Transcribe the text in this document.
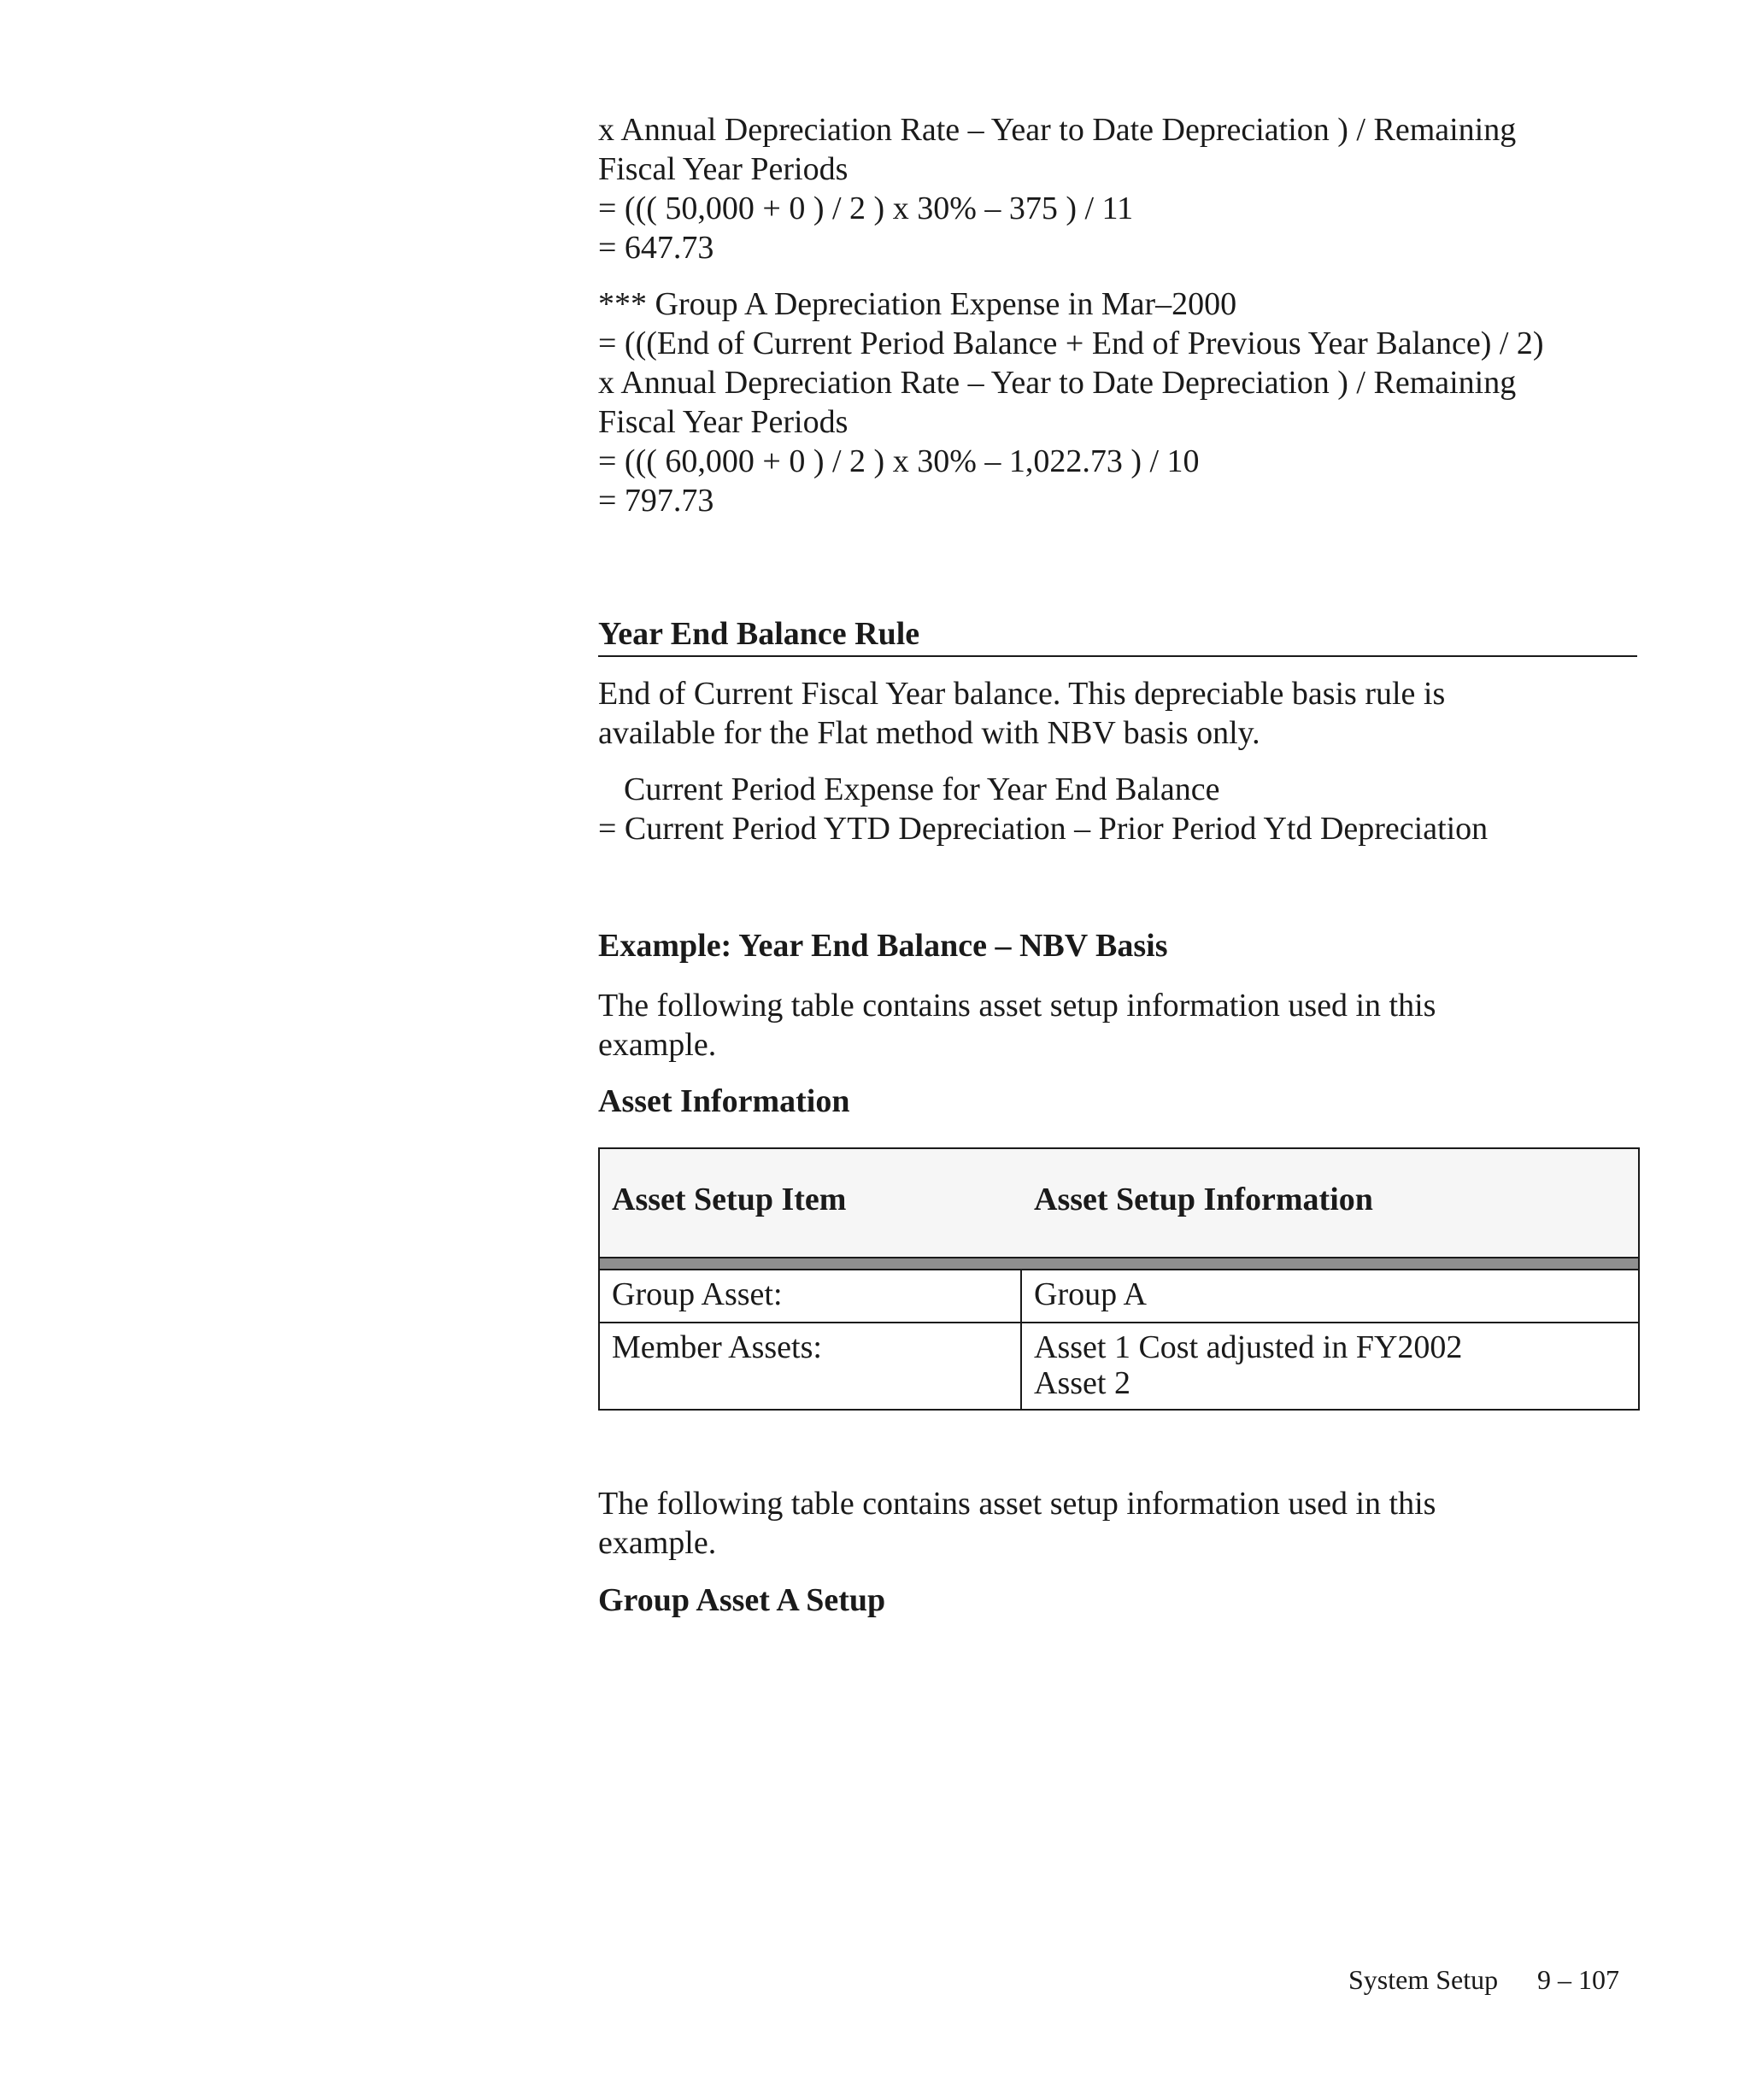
x Annual Depreciation Rate – Year to Date Depreciation ) / Remaining
Fiscal Year Periods
= ((( 50,000 + 0 ) / 2 ) x 30% – 375 ) / 11
= 647.73
*** Group A Depreciation Expense in Mar–2000
= (((End of Current Period Balance + End of Previous Year Balance) / 2)
x Annual Depreciation Rate – Year to Date Depreciation ) / Remaining
Fiscal Year Periods
= ((( 60,000 + 0 ) / 2 ) x 30% – 1,022.73 ) / 10
= 797.73
Year End Balance Rule
End of Current Fiscal Year balance. This depreciable basis rule is
available for the Flat method with NBV basis only.
Current Period Expense for Year End Balance
= Current Period YTD Depreciation – Prior Period Ytd Depreciation
Example: Year End Balance – NBV Basis
The following table contains asset setup information used in this
example.
Asset Information
Asset Setup Item	Asset Setup Information
Group Asset:	Group A

Member Assets:	Asset 1 Cost adjusted in FY2002
Asset 2
The following table contains asset setup information used in this
example.
Group Asset A Setup
System Setup 9 – 107
